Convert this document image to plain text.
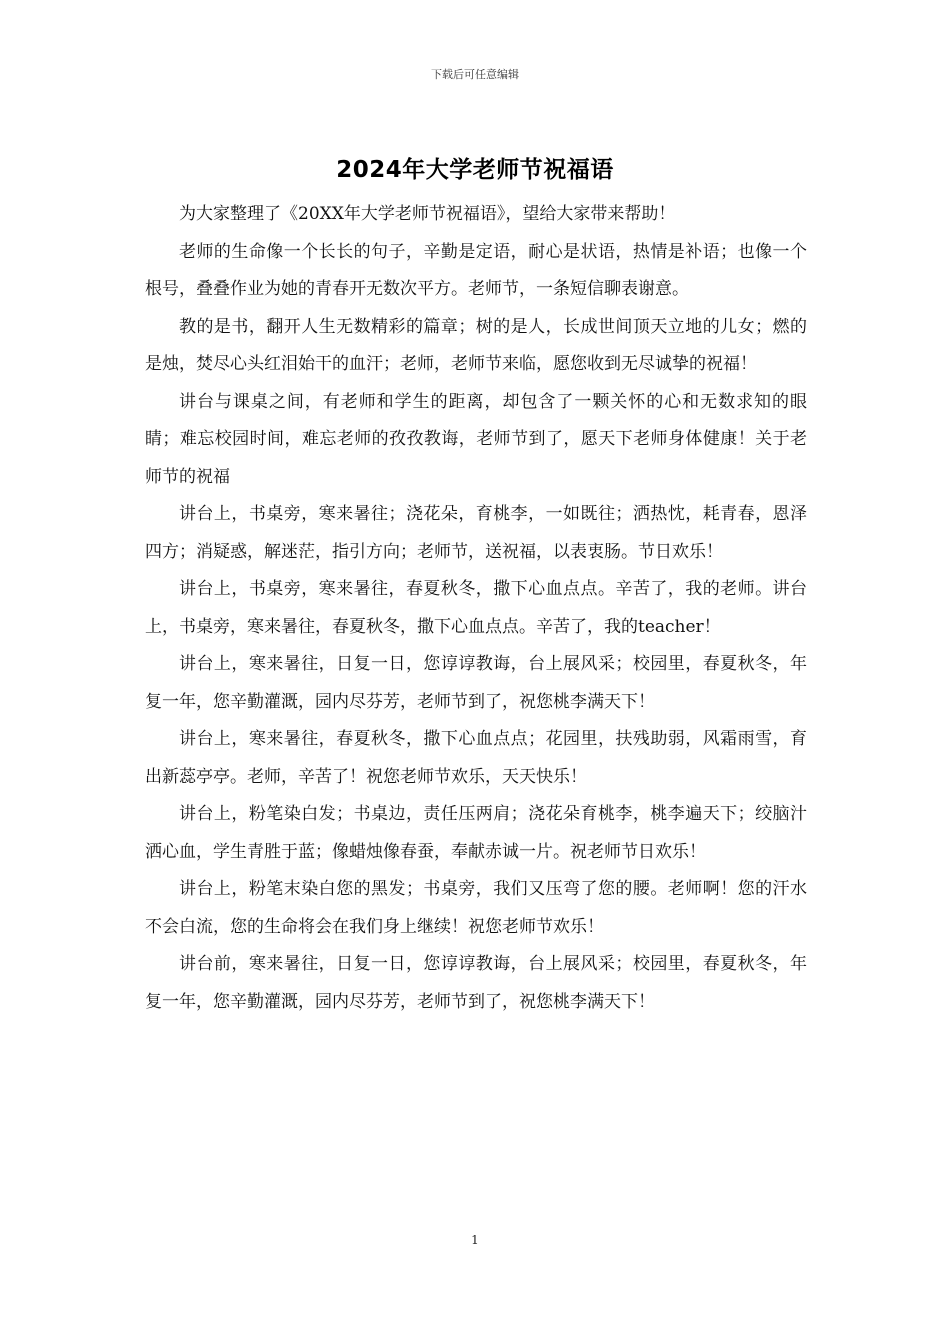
下载后可任意编辑
2024年大学老师节祝福语

为大家整理了《20XX年大学老师节祝福语》，望给大家带来帮助！

老师的生命像一个长长的句子，辛勤是定语，耐心是状语，热情是补语；也像一个根号，叠叠作业为她的青春开无数次平方。老师节，一条短信聊表谢意。

教的是书，翻开人生无数精彩的篇章；树的是人，长成世间顶天立地的儿女；燃的是烛，焚尽心头红泪始干的血汗；老师，老师节来临，愿您收到无尽诚挚的祝福！

讲台与课桌之间，有老师和学生的距离，却包含了一颗关怀的心和无数求知的眼睛；难忘校园时间，难忘老师的孜孜教诲，老师节到了，愿天下老师身体健康！关于老师节的祝福

讲台上，书桌旁，寒来暑往；浇花朵，育桃李，一如既往；洒热忱，耗青春，恩泽四方；消疑惑，解迷茫，指引方向；老师节，送祝福，以表衷肠。节日欢乐！

讲台上，书桌旁，寒来暑往，春夏秋冬，撒下心血点点。辛苦了，我的老师。讲台上，书桌旁，寒来暑往，春夏秋冬，撒下心血点点。辛苦了，我的teacher！

讲台上，寒来暑往，日复一日，您谆谆教诲，台上展风采；校园里，春夏秋冬，年复一年，您辛勤灌溉，园内尽芬芳，老师节到了，祝您桃李满天下！

讲台上，寒来暑往，春夏秋冬，撒下心血点点；花园里，扶残助弱，风霜雨雪，育出新蕊亭亭。老师，辛苦了！祝您老师节欢乐，天天快乐！

讲台上，粉笔染白发；书桌边，责任压两肩；浇花朵育桃李，桃李遍天下；绞脑汁洒心血，学生青胜于蓝；像蜡烛像春蚕，奉献赤诚一片。祝老师节日欢乐！

讲台上，粉笔末染白您的黑发；书桌旁，我们又压弯了您的腰。老师啊！您的汗水不会白流，您的生命将会在我们身上继续！祝您老师节欢乐！

讲台前，寒来暑往，日复一日，您谆谆教诲，台上展风采；校园里，春夏秋冬，年复一年，您辛勤灌溉，园内尽芬芳，老师节到了，祝您桃李满天下！

1
